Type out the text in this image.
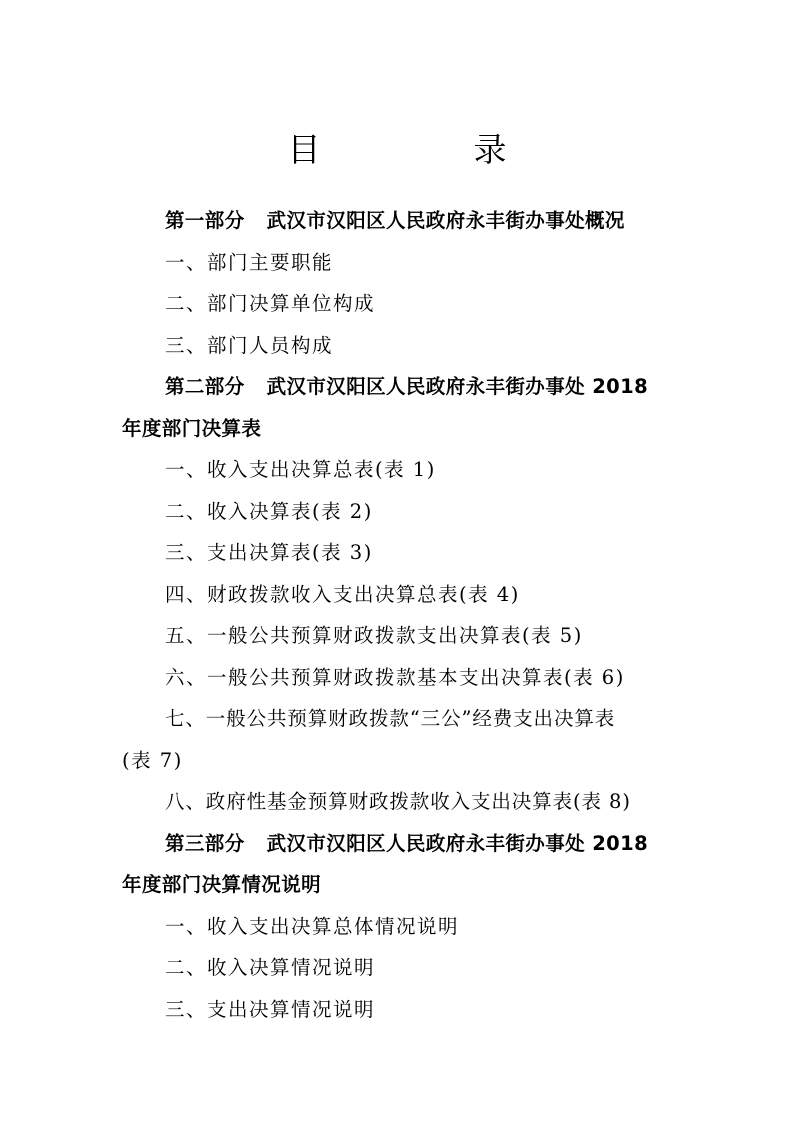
目　录
第一部分 武汉市汉阳区人民政府永丰街办事处概况
一、部门主要职能
二、部门决算单位构成
三、部门人员构成
第二部分 武汉市汉阳区人民政府永丰街办事处 2018
年度部门决算表
一、收入支出决算总表(表 1)
二、收入决算表(表 2)
三、支出决算表(表 3)
四、财政拨款收入支出决算总表(表 4)
五、一般公共预算财政拨款支出决算表(表 5)
六、一般公共预算财政拨款基本支出决算表(表 6)
七、一般公共预算财政拨款“三公”经费支出决算表
(表 7)
八、政府性基金预算财政拨款收入支出决算表(表 8)
第三部分 武汉市汉阳区人民政府永丰街办事处 2018
年度部门决算情况说明
一、收入支出决算总体情况说明
二、收入决算情况说明
三、支出决算情况说明
